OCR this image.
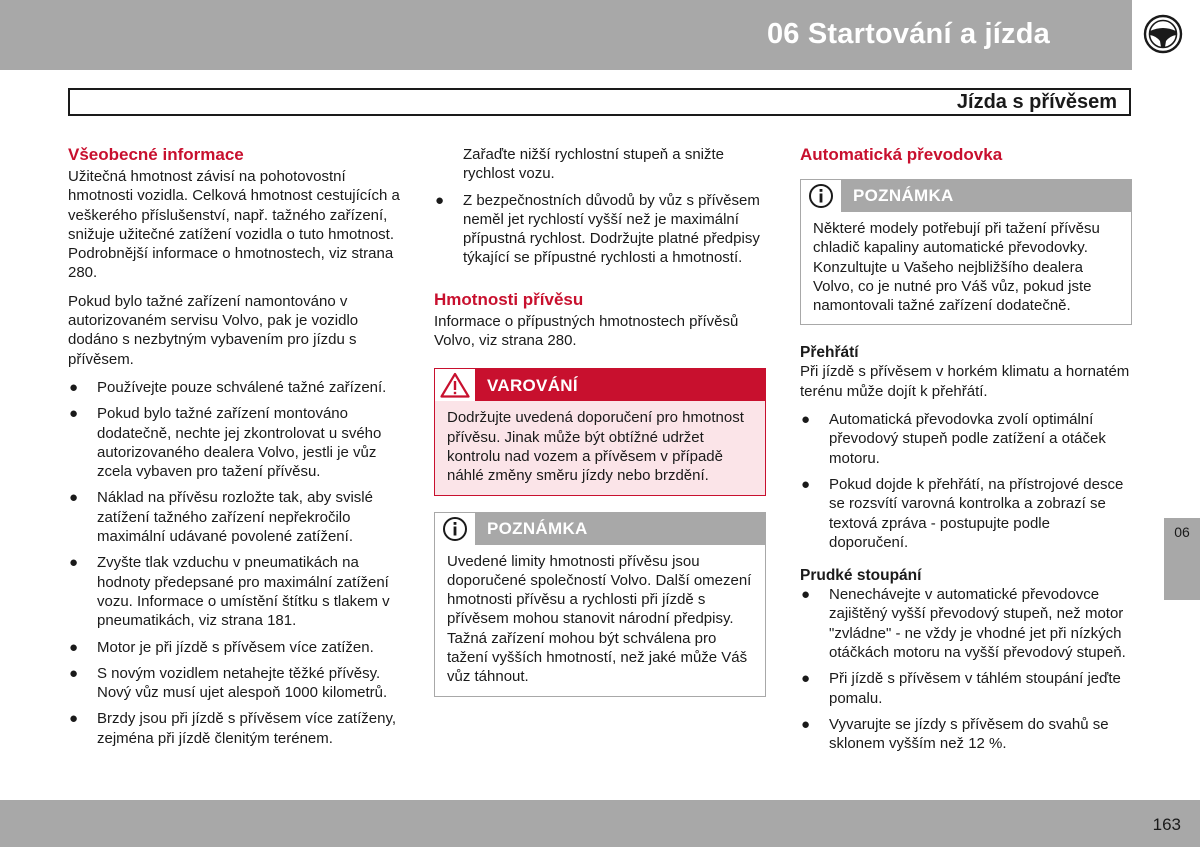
06 Startování a jízda
Jízda s přívěsem
Všeobecné informace

Užitečná hmotnost závisí na pohotovostní hmotnosti vozidla. Celková hmotnost cestujících a veškerého příslušenství, např. tažného zařízení, snižuje užitečné zatížení vozidla o tuto hmotnost. Podrobnější informace o hmotnostech, viz strana 280.

Pokud bylo tažné zařízení namontováno v autorizovaném servisu Volvo, pak je vozidlo dodáno s nezbytným vybavením pro jízdu s přívěsem.

● Používejte pouze schválené tažné zařízení.
● Pokud bylo tažné zařízení montováno dodatečně, nechte jej zkontrolovat u svého autorizovaného dealera Volvo, jestli je vůz zcela vybaven pro tažení přívěsu.
● Náklad na přívěsu rozložte tak, aby svislé zatížení tažného zařízení nepřekročilo maximální udávané povolené zatížení.
● Zvyšte tlak vzduchu v pneumatikách na hodnoty předepsané pro maximální zatížení vozu. Informace o umístění štítku s tlakem v pneumatikách, viz strana 181.
● Motor je při jízdě s přívěsem více zatížen.
● S novým vozidlem netahejte těžké přívěsy. Nový vůz musí ujet alespoň 1000 kilometrů.
● Brzdy jsou při jízdě s přívěsem více zatíženy, zejména při jízdě členitým terénem.
Zařaďte nižší rychlostní stupeň a snižte rychlost vozu.
● Z bezpečnostních důvodů by vůz s přívěsem neměl jet rychlostí vyšší než je maximální přípustná rychlost. Dodržujte platné předpisy týkající se přípustné rychlosti a hmotností.
Hmotnosti přívěsu

Informace o přípustných hmotnostech přívěsů Volvo, viz strana 280.

VAROVÁNÍ
Dodržujte uvedená doporučení pro hmotnost přívěsu. Jinak může být obtížné udržet kontrolu nad vozem a přívěsem v případě náhlé změny směru jízdy nebo brzdění.
POZNÁMKA
Uvedené limity hmotnosti přívěsu jsou doporučené společností Volvo. Další omezení hmotnosti přívěsu a rychlosti při jízdě s přívěsem mohou stanovit národní předpisy. Tažná zařízení mohou být schválena pro tažení vyšších hmotností, než jaké může Váš vůz táhnout.
Automatická převodovka
POZNÁMKA
Některé modely potřebují při tažení přívěsu chladič kapaliny automatické převodovky. Konzultujte u Vašeho nejbližšího dealera Volvo, co je nutné pro Váš vůz, pokud jste namontovali tažné zařízení dodatečně.
Přehřátí

Při jízdě s přívěsem v horkém klimatu a hornatém terénu může dojít k přehřátí.

● Automatická převodovka zvolí optimální převodový stupeň podle zatížení a otáček motoru.
● Pokud dojde k přehřátí, na přístrojové desce se rozsvítí varovná kontrolka a zobrazí se textová zpráva - postupujte podle doporučení.
Prudké stoupání
● Nenechávejte v automatické převodovce zajištěný vyšší převodový stupeň, než motor "zvládne" - ne vždy je vhodné jet při nízkých otáčkách motoru na vyšší převodový stupeň.
● Při jízdě s přívěsem v táhlém stoupání jeďte pomalu.
● Vyvarujte se jízdy s přívěsem do svahů se sklonem vyšším než 12 %.
06
163
